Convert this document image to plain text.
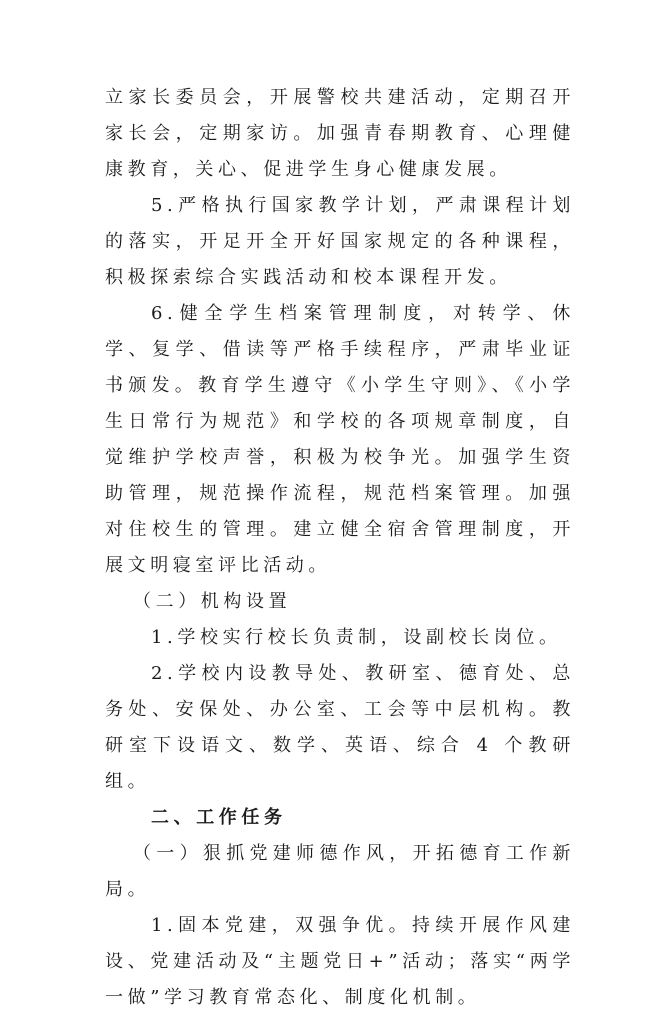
立家长委员会，开展警校共建活动，定期召开家长会，定期家访。加强青春期教育、心理健康教育，关心、促进学生身心健康发展。

5.严格执行国家教学计划，严肃课程计划的落实，开足开全开好国家规定的各种课程，积极探索综合实践活动和校本课程开发。

6.健全学生档案管理制度，对转学、休学、复学、借读等严格手续程序，严肃毕业证书颁发。教育学生遵守《小学生守则》、《小学生日常行为规范》和学校的各项规章制度，自觉维护学校声誉，积极为校争光。加强学生资助管理，规范操作流程，规范档案管理。加强对住校生的管理。建立健全宿舍管理制度，开展文明寝室评比活动。

（二）机构设置

1.学校实行校长负责制，设副校长岗位。

2.学校内设教导处、教研室、德育处、总务处、安保处、办公室、工会等中层机构。教研室下设语文、数学、英语、综合 4 个教研组。

二、工作任务

（一）狠抓党建师德作风，开拓德育工作新局。

1.固本党建，双强争优。持续开展作风建设、党建活动及“主题党日+”活动；落实“两学一做”学习教育常态化、制度化机制。
